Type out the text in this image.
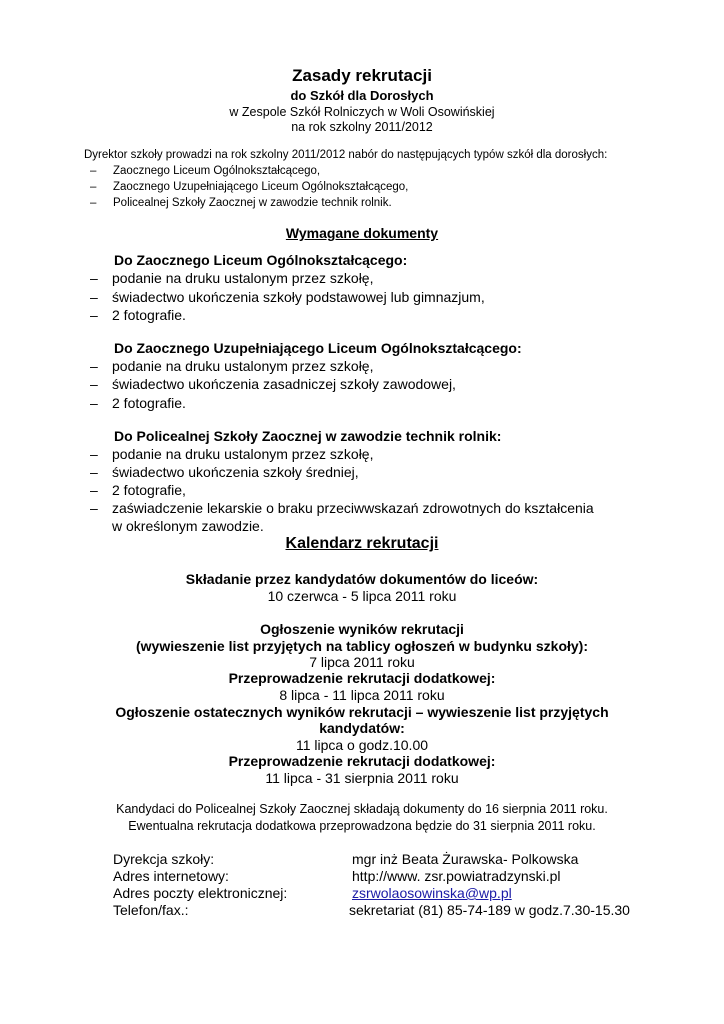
Zasady rekrutacji
do Szkół dla Dorosłych
w Zespole Szkół Rolniczych w Woli Osowińskiej
na rok szkolny 2011/2012
Dyrektor szkoły prowadzi na rok szkolny 2011/2012 nabór do następujących typów szkół dla dorosłych:
– Zaocznego Liceum Ogólnokształcącego,
– Zaocznego Uzupełniającego Liceum Ogólnokształcącego,
– Policealnej Szkoły Zaocznej w zawodzie technik rolnik.
Wymagane dokumenty
Do Zaocznego Liceum Ogólnokształcącego:
– podanie na druku ustalonym przez szkołę,
– świadectwo ukończenia szkoły podstawowej lub gimnazjum,
– 2 fotografie.
Do Zaocznego Uzupełniającego Liceum Ogólnokształcącego:
– podanie na druku ustalonym przez szkołę,
– świadectwo ukończenia zasadniczej szkoły zawodowej,
– 2 fotografie.
Do Policealnej Szkoły Zaocznej w zawodzie technik rolnik:
– podanie na druku ustalonym przez szkołę,
– świadectwo ukończenia szkoły średniej,
– 2 fotografie,
– zaświadczenie lekarskie o braku przeciwwskazań zdrowotnych do kształcenia
w określonym zawodzie.
Kalendarz rekrutacji
Składanie przez kandydatów dokumentów do liceów:
10 czerwca - 5 lipca 2011 roku
Ogłoszenie wyników rekrutacji
(wywieszenie list przyjętych na tablicy ogłoszeń w budynku szkoły):
7 lipca 2011 roku
Przeprowadzenie rekrutacji dodatkowej:
8 lipca - 11 lipca 2011 roku
Ogłoszenie ostatecznych wyników rekrutacji – wywieszenie list przyjętych
kandydatów:
11 lipca o godz.10.00
Przeprowadzenie rekrutacji dodatkowej:
11 lipca - 31 sierpnia 2011 roku
Kandydaci do Policealnej Szkoły Zaocznej składają dokumenty do 16 sierpnia 2011 roku.
Ewentualna rekrutacja dodatkowa przeprowadzona będzie do 31 sierpnia 2011 roku.
Dyrekcja szkoły:	mgr inż Beata Żurawska- Polkowska
Adres internetowy:	http://www. zsr.powiatradzynski.pl
Adres poczty elektronicznej:	zsrwolaosowinska@wp.pl
Telefon/fax.:	sekretariat (81) 85-74-189 w godz.7.30-15.30
